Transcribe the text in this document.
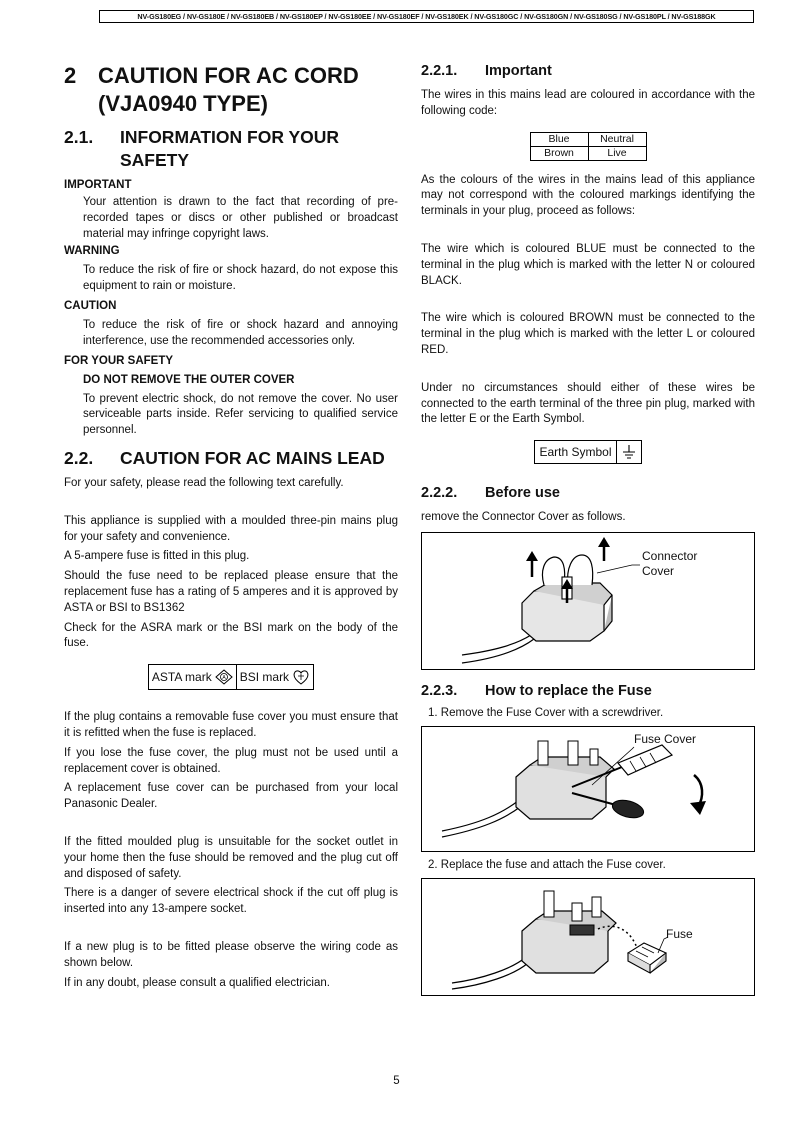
NV-GS180EG / NV-GS180E / NV-GS180EB / NV-GS180EP / NV-GS180EE / NV-GS180EF / NV-GS180EK / NV-GS180GC / NV-GS180GN / NV-GS180SG / NV-GS180PL / NV-GS188GK
2 CAUTION FOR AC CORD (VJA0940 TYPE)
2.1.	INFORMATION FOR YOUR SAFETY
IMPORTANT

Your attention is drawn to the fact that recording of pre-recorded tapes or discs or other published or broadcast material may infringe copyright laws.

WARNING

To reduce the risk of fire or shock hazard, do not expose this equipment to rain or moisture.

CAUTION

To reduce the risk of fire or shock hazard and annoying interference, use the recommended accessories only.

FOR YOUR SAFETY
DO NOT REMOVE THE OUTER COVER

To prevent electric shock, do not remove the cover. No user serviceable parts inside. Refer servicing to qualified service personnel.

2.2.	CAUTION FOR AC MAINS LEAD

For your safety, please read the following text carefully.

This appliance is supplied with a moulded three-pin mains plug for your safety and convenience.

A 5-ampere fuse is fitted in this plug.

Should the fuse need to be replaced please ensure that the replacement fuse has a rating of 5 amperes and it is approved by ASTA or BSI to BS1362

Check for the ASRA mark or the BSI mark on the body of the fuse.

ASTA mark A BSI mark

If the plug contains a removable fuse cover you must ensure that it is refitted when the fuse is replaced.

If you lose the fuse cover, the plug must not be used until a replacement cover is obtained.

A replacement fuse cover can be purchased from your local Panasonic Dealer.

If the fitted moulded plug is unsuitable for the socket outlet in your home then the fuse should be removed and the plug cut off and disposed of safety.

There is a danger of severe electrical shock if the cut off plug is inserted into any 13-ampere socket.

If a new plug is to be fitted please observe the wiring code as shown below.

If in any doubt, please consult a qualified electrician.

2.2.1.	Important

The wires in this mains lead are coloured in accordance with the following code:

Blue	Neutral
Brown	Live

As the colours of the wires in the mains lead of this appliance may not correspond with the coloured markings identifying the terminals in your plug, proceed as follows:

The wire which is coloured BLUE must be connected to the terminal in the plug which is marked with the letter N or coloured BLACK.

The wire which is coloured BROWN must be connected to the terminal in the plug which is marked with the letter L or coloured RED.

Under no circumstances should either of these wires be connected to the earth terminal of the three pin plug, marked with the letter E or the Earth Symbol.

Earth Symbol
2.2.2.	Before use

remove the Connector Cover as follows.

Connector Cover
2.2.3.	How to replace the Fuse

1. Remove the Fuse Cover with a screwdriver.

Fuse Cover

2. Replace the fuse and attach the Fuse cover.

Fuse
5
